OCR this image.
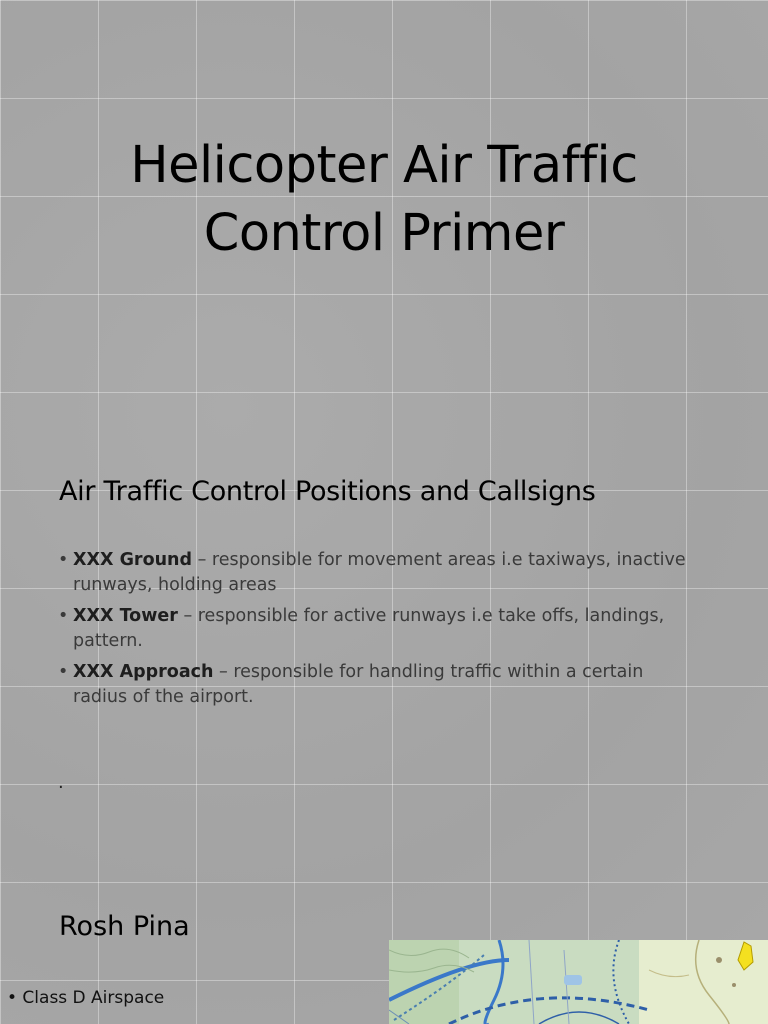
Helicopter Air Traffic
Control Primer
Air Traffic Control Positions and Callsigns
• XXX Ground – responsible for movement areas i.e taxiways, inactive runways, holding areas
• XXX Tower – responsible for active runways i.e take offs, landings, pattern.
• XXX Approach – responsible for handling traffic within a certain radius of the airport.
.
Rosh Pina
• Class D Airspace
